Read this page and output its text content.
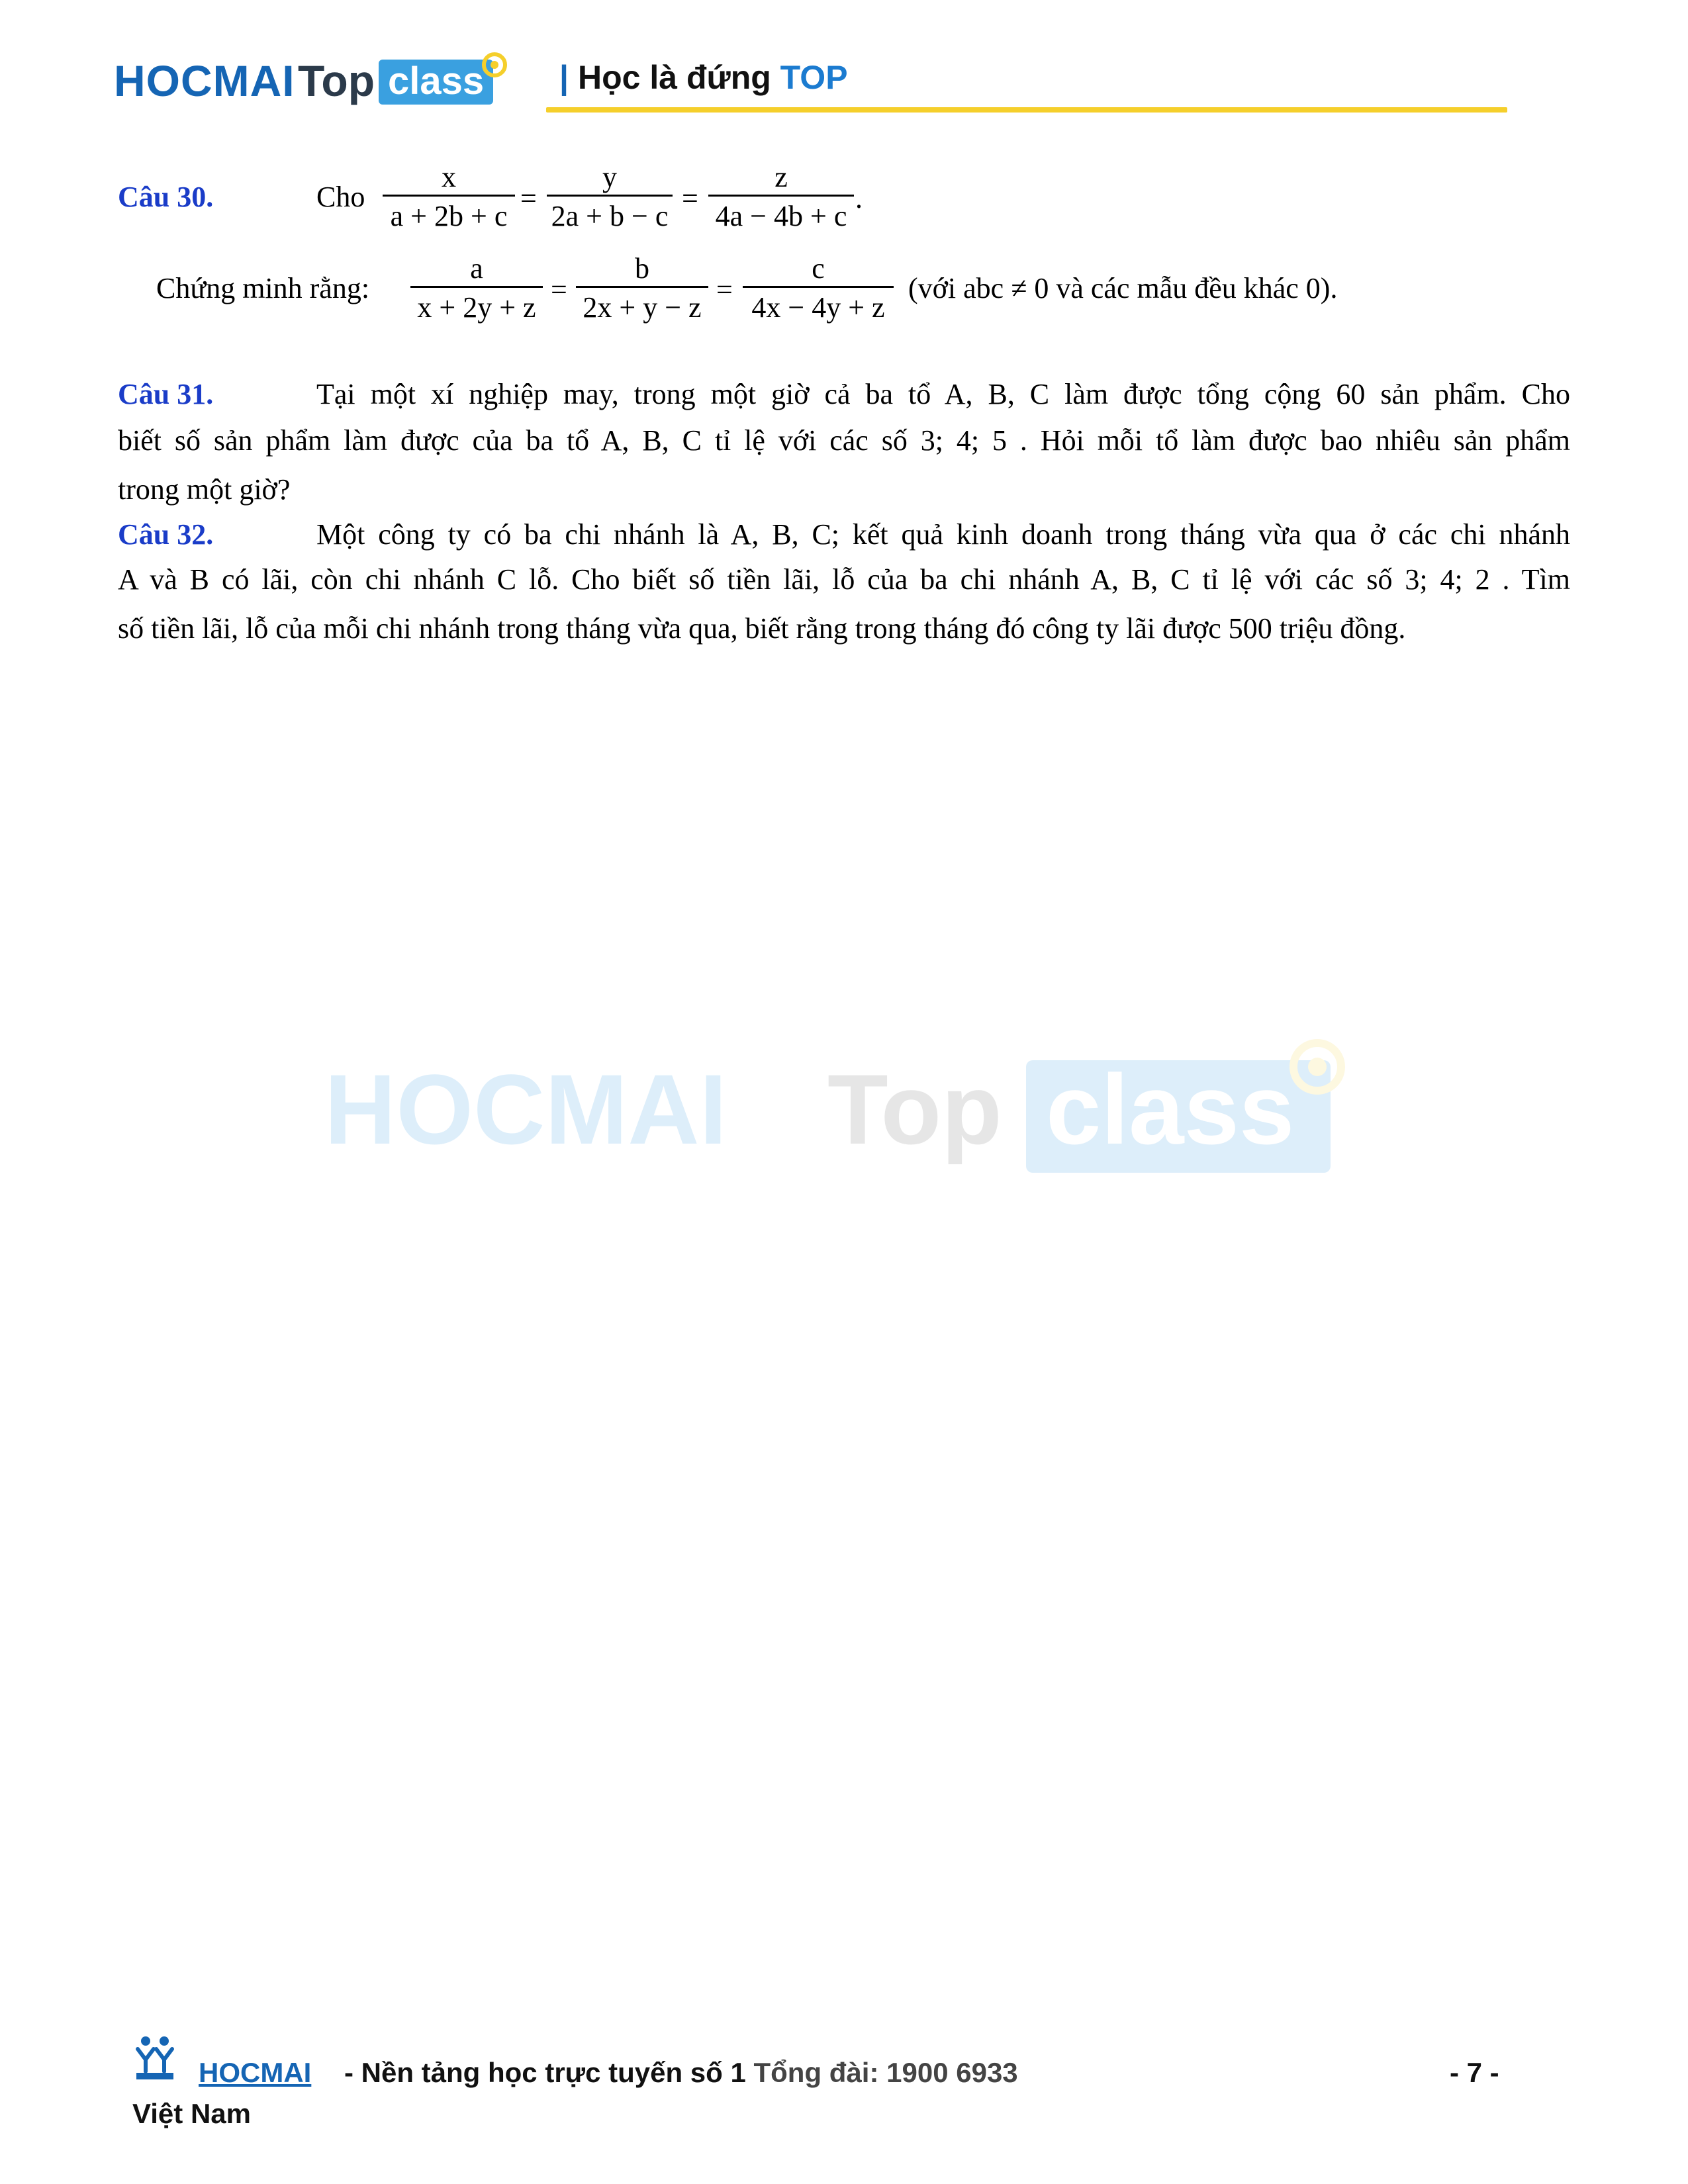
HOCMAI Top class | Học là đứng TOP
Câu 30.	Cho
x
a + 2b + c
=
y
2a + b − c
=
z
4a − 4b + c
.
Chứng minh rằng:
a
x + 2y + z
=
b
2x + y − z
=
c
4x − 4y + z
(với abc ≠ 0 và các mẫu đều khác 0).
Câu 31.	Tại một xí nghiệp may, trong một giờ cả ba tổ A, B, C làm được tổng cộng 60 sản phẩm. Cho
biết số sản phẩm làm được của ba tổ A, B, C tỉ lệ với các số 3; 4; 5 . Hỏi mỗi tổ làm được bao nhiêu sản phẩm
trong một giờ?
Câu 32.	Một công ty có ba chi nhánh là A, B, C; kết quả kinh doanh trong tháng vừa qua ở các chi nhánh
A và B có lãi, còn chi nhánh C lỗ. Cho biết số tiền lãi, lỗ của ba chi nhánh A, B, C tỉ lệ với các số 3; 4; 2 . Tìm
số tiền lãi, lỗ của mỗi chi nhánh trong tháng vừa qua, biết rằng trong tháng đó công ty lãi được 500 triệu đồng.
HOCMAI Top class
HOCMAI - Nền tảng học trực tuyến số 1 Tổng đài: 1900 6933
Việt Nam
- 7 -
